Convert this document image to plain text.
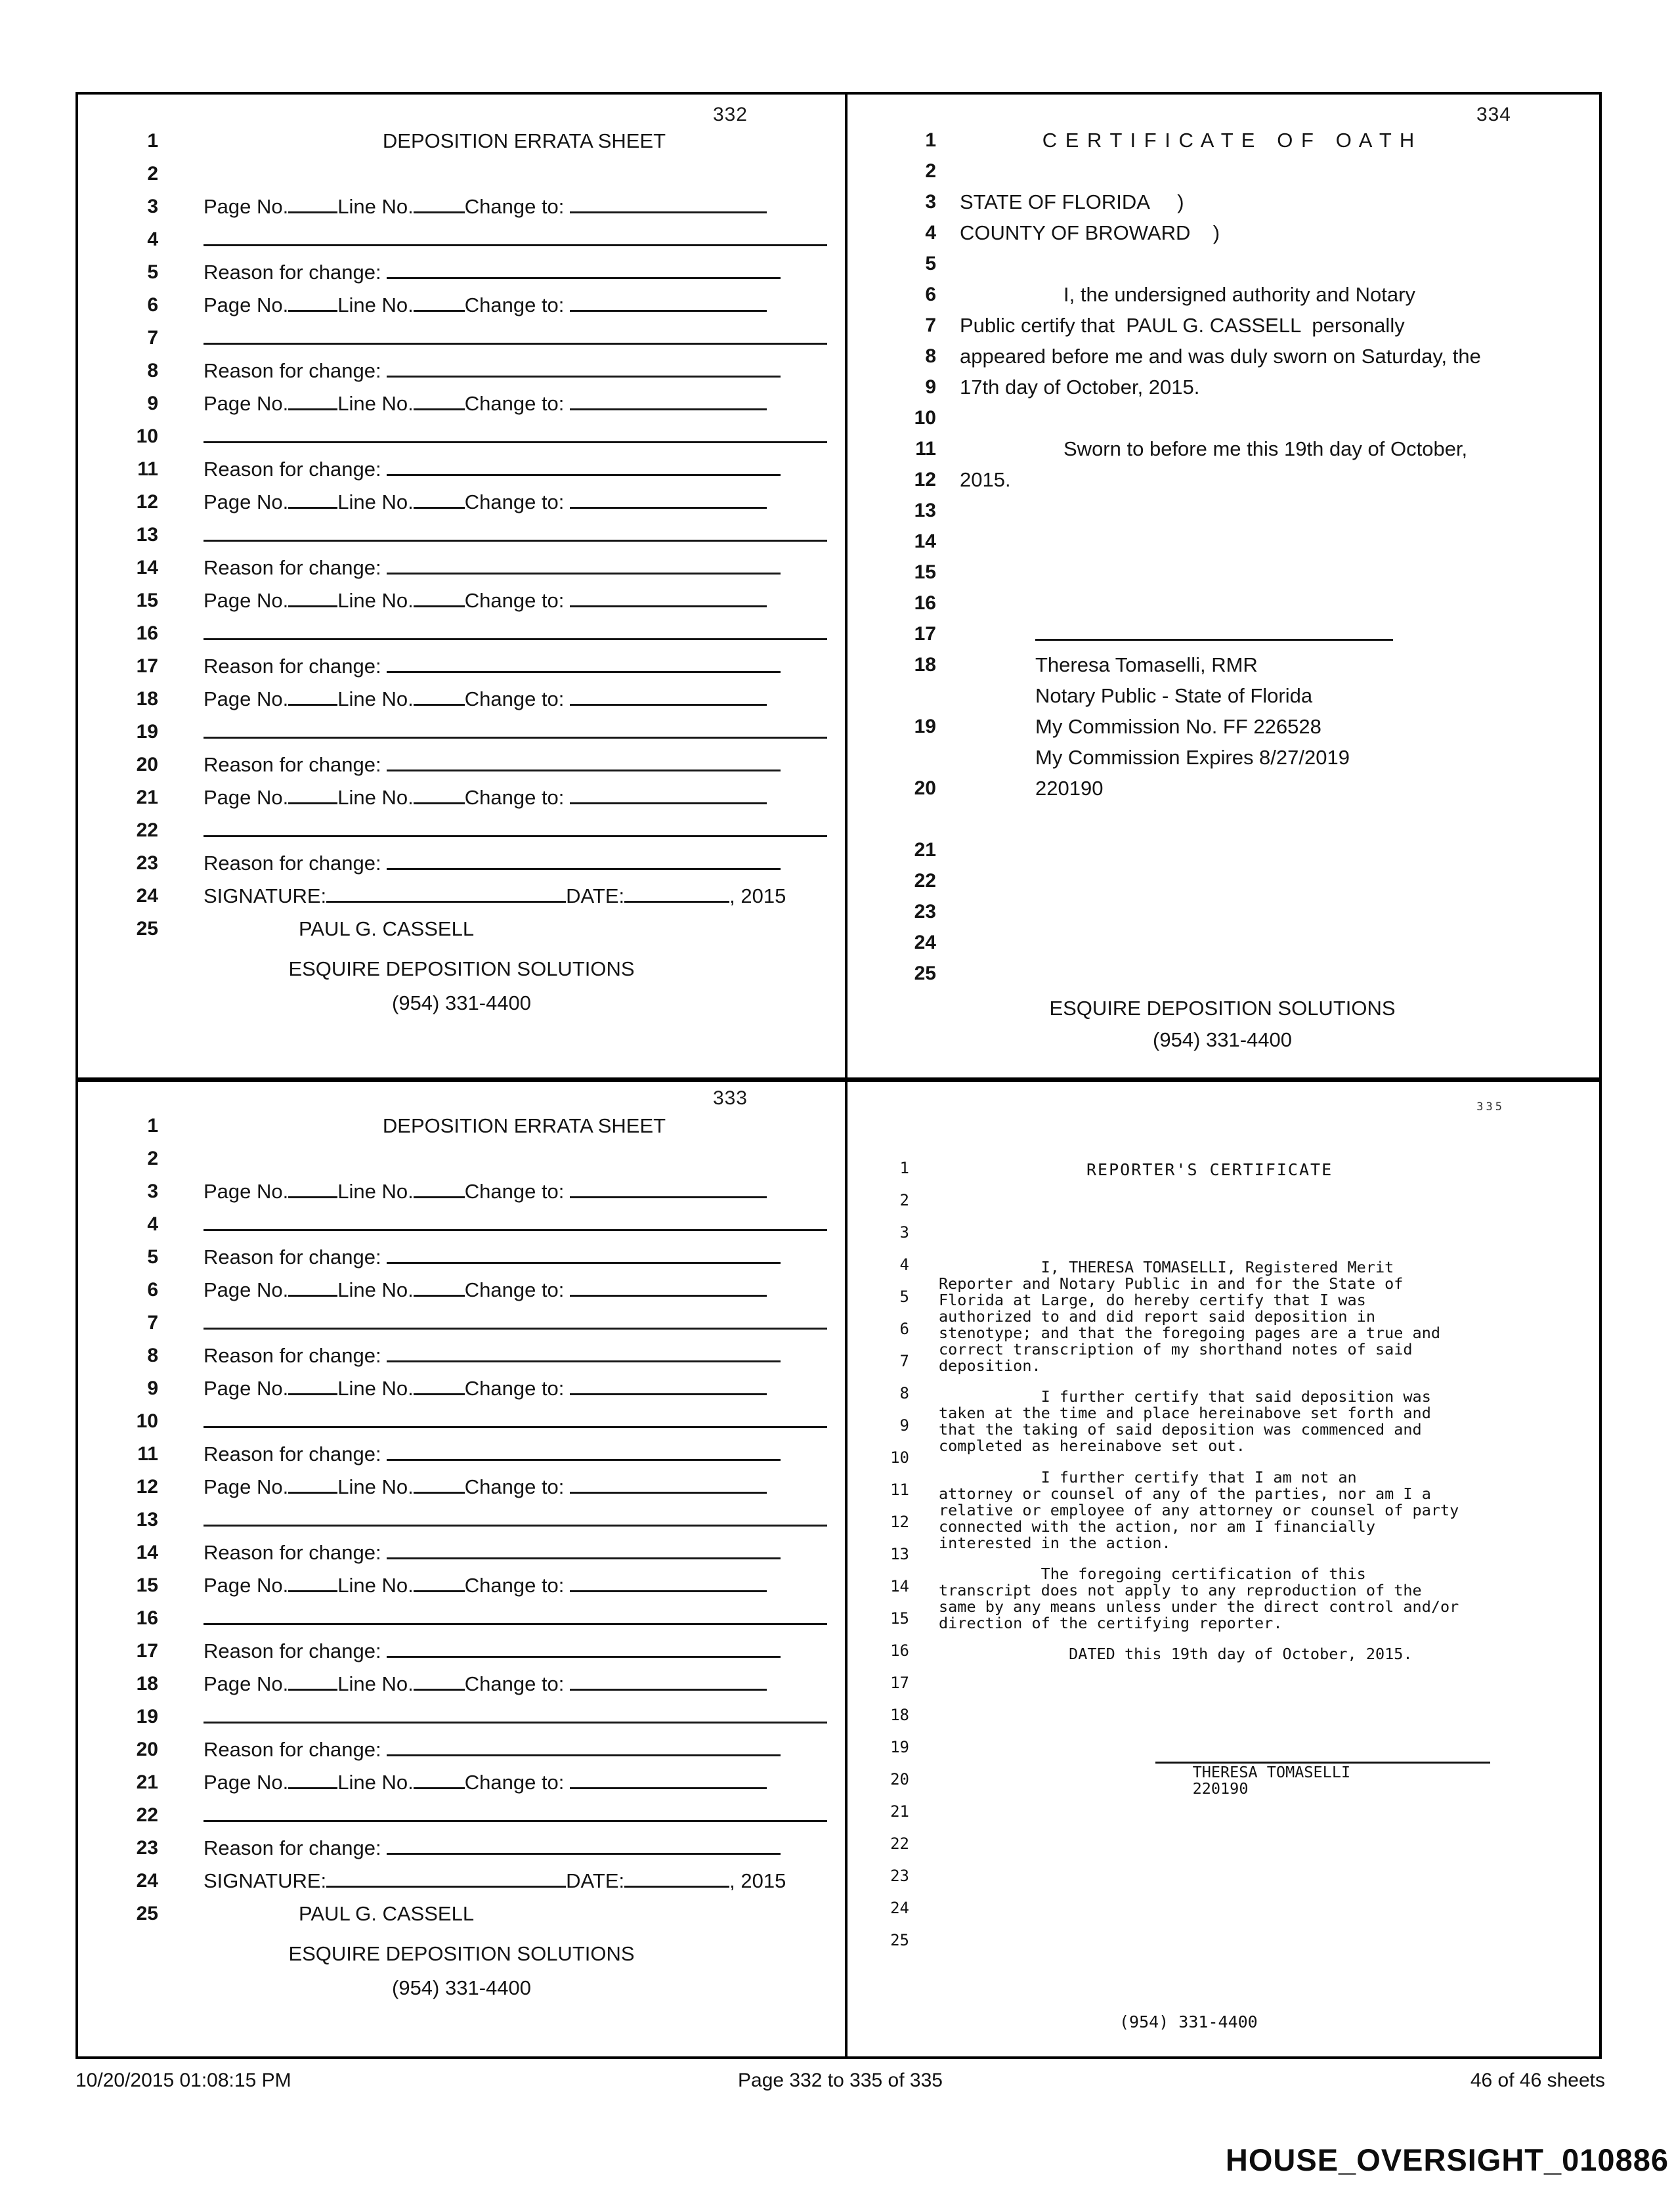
332
1	DEPOSITION ERRATA SHEET
2
3	Page No. Line No.	Change to:
4
5	Reason for change:
6	Page No. Line No.	Change to:
7
8	Reason for change:
9	Page No. Line No.	Change to:
10
11	Reason for change:
12	Page No. Line No.	Change to:
13
14	Reason for change:
15	Page No. Line No.	Change to:
16
17	Reason for change:
18	Page No. Line No.	Change to:
19
20	Reason for change:
21	Page No. Line No.	Change to:
22
23	Reason for change:
24	SIGNATURE:	DATE:	, 2015
25	PAUL G. CASSELL
ESQUIRE DEPOSITION SOLUTIONS
(954) 331-4400
334
1	C E R T I F I C A T E   O F   O A T H
2
3 STATE OF FLORIDA     )
4 COUNTY OF BROWARD    )
5
6	I, the undersigned authority and Notary
7 Public certify that  PAUL G. CASSELL  personally
8 appeared before me and was duly sworn on Saturday, the
9 17th day of October, 2015.
10
11	Sworn to before me this 19th day of October,
12 2015.
13
14
15
16
17
18	Theresa Tomaselli, RMR
Notary Public - State of Florida
19	My Commission No. FF 226528
My Commission Expires 8/27/2019
20	220190
21
22
23
24
25
ESQUIRE DEPOSITION SOLUTIONS
(954) 331-4400
333
1	DEPOSITION ERRATA SHEET
2
3	Page No. Line No.	Change to:
4
5	Reason for change:
6	Page No. Line No.	Change to:
7
8	Reason for change:
9	Page No. Line No.	Change to:
10
11	Reason for change:
12	Page No. Line No.	Change to:
13
14	Reason for change:
15	Page No. Line No.	Change to:
16
17	Reason for change:
18	Page No. Line No.	Change to:
19
20	Reason for change:
21	Page No. Line No.	Change to:
22
23	Reason for change:
24	SIGNATURE:	DATE:	, 2015
25	PAUL G. CASSELL
ESQUIRE DEPOSITION SOLUTIONS
(954) 331-4400
335
1
2
3
4
5
6
7
8
9
10
11
12
13
14
15
16
17
18
19
20
21
22
23
24
25
REPORTER'S CERTIFICATE
I, THERESA TOMASELLI, Registered Merit
Reporter and Notary Public in and for the State of
Florida at Large, do hereby certify that I was
authorized to and did report said deposition in
stenotype; and that the foregoing pages are a true and
correct transcription of my shorthand notes of said
deposition.
I further certify that said deposition was
taken at the time and place hereinabove set forth and
that the taking of said deposition was commenced and
completed as hereinabove set out.
I further certify that I am not an
attorney or counsel of any of the parties, nor am I a
relative or employee of any attorney or counsel of party
connected with the action, nor am I financially
interested in the action.
The foregoing certification of this
transcript does not apply to any reproduction of the
same by any means unless under the direct control and/or
direction of the certifying reporter.
DATED this 19th day of October, 2015.
THERESA TOMASELLI
220190
(954) 331-4400
Page 332 to 335 of 335
10/20/2015 01:08:15 PM	46 of 46 sheets
HOUSE_OVERSIGHT_010886
